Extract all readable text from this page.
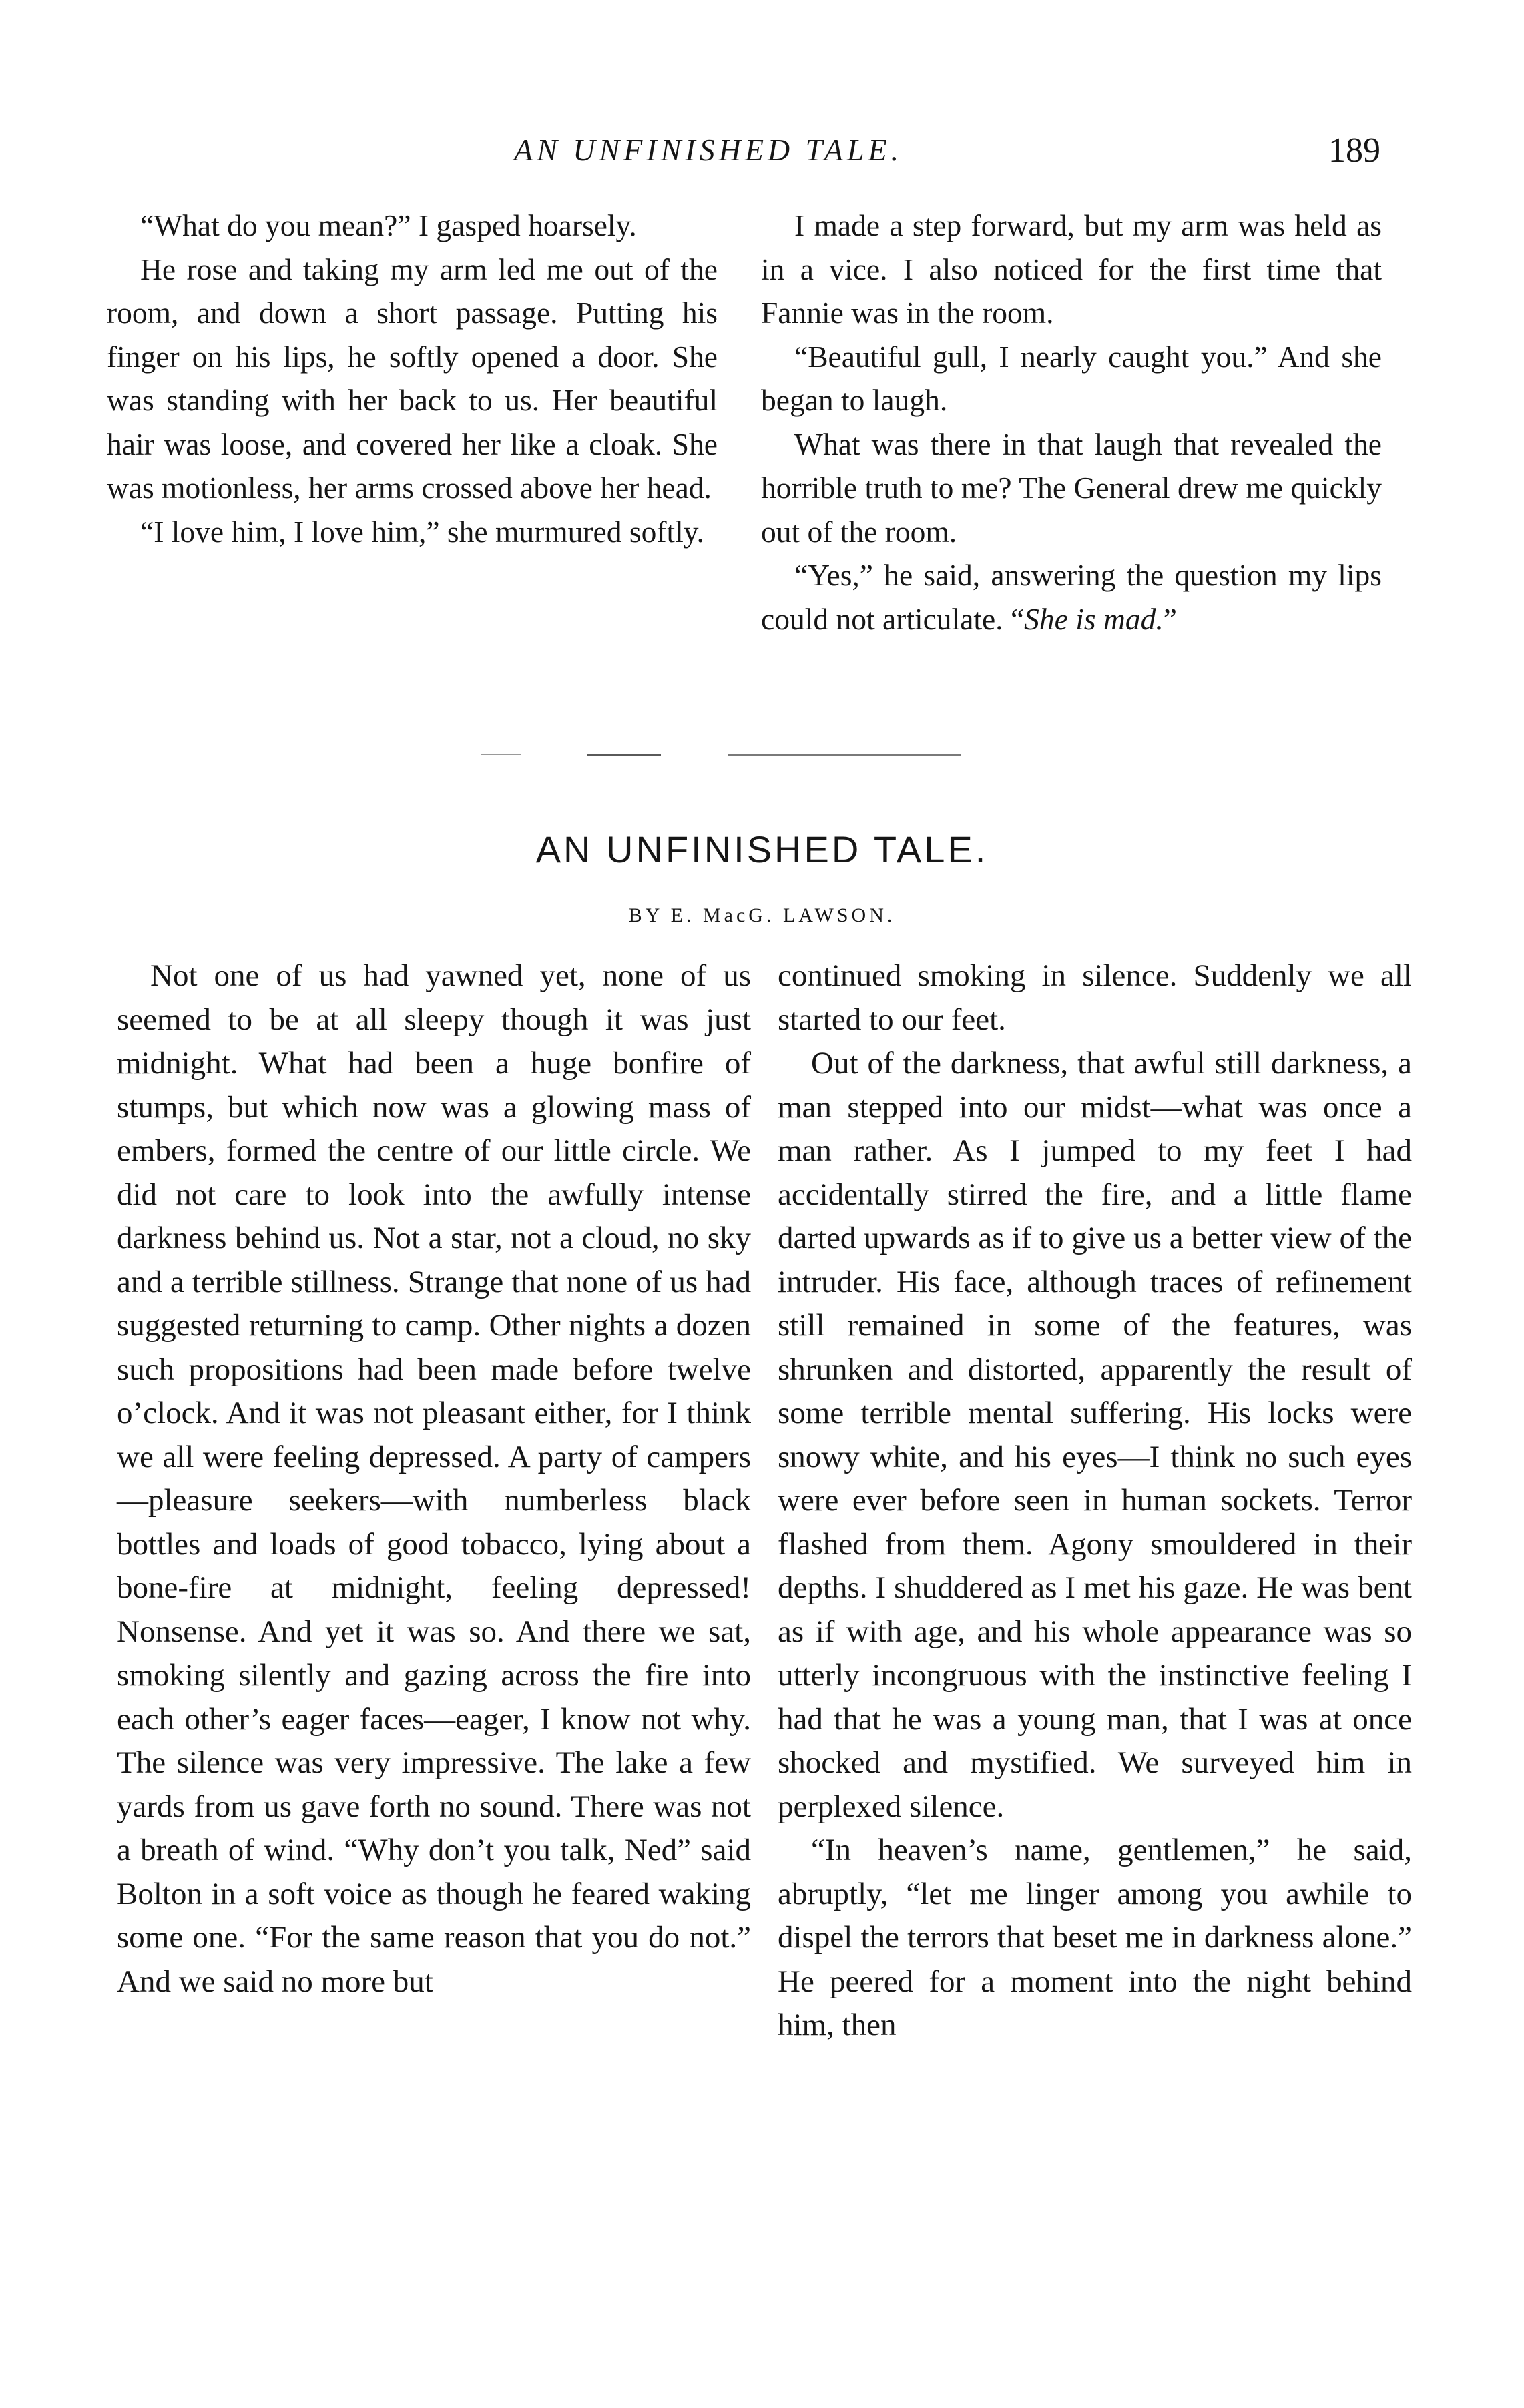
AN UNFINISHED TALE.	189

“What do you mean?” I gasped hoarsely.

He rose and taking my arm led me out of the room, and down a short passage. Putting his finger on his lips, he softly opened a door. She was standing with her back to us. Her beautiful hair was loose, and covered her like a cloak. She was motionless, her arms crossed above her head.

“I love him, I love him,” she murmured softly.

I made a step forward, but my arm was held as in a vice. I also noticed for the first time that Fannie was in the room.

“Beautiful gull, I nearly caught you.” And she began to laugh.

What was there in that laugh that revealed the horrible truth to me? The General drew me quickly out of the room.

“Yes,” he said, answering the question my lips could not articulate. “She is mad.”

AN UNFINISHED TALE.
BY E. MacG. LAWSON.

Not one of us had yawned yet, none of us seemed to be at all sleepy though it was just midnight. What had been a huge bonfire of stumps, but which now was a glowing mass of embers, formed the centre of our little circle. We did not care to look into the awfully intense darkness behind us. Not a star, not a cloud, no sky and a terrible stillness. Strange that none of us had suggested returning to camp. Other nights a dozen such propositions had been made before twelve o’clock. And it was not pleasant either, for I think we all were feeling depressed. A party of campers—pleasure seekers—with numberless black bottles and loads of good tobacco, lying about a bone-fire at midnight, feeling depressed! Nonsense. And yet it was so. And there we sat, smoking silently and gazing across the fire into each other’s eager faces—eager, I know not why. The silence was very impressive. The lake a few yards from us gave forth no sound. There was not a breath of wind. “Why don’t you talk, Ned” said Bolton in a soft voice as though he feared waking some one. “For the same reason that you do not.” And we said no more but

continued smoking in silence. Suddenly we all started to our feet.

Out of the darkness, that awful still darkness, a man stepped into our midst—what was once a man rather. As I jumped to my feet I had accidentally stirred the fire, and a little flame darted upwards as if to give us a better view of the intruder. His face, although traces of refinement still remained in some of the features, was shrunken and distorted, apparently the result of some terrible mental suffering. His locks were snowy white, and his eyes—I think no such eyes were ever before seen in human sockets. Terror flashed from them. Agony smouldered in their depths. I shuddered as I met his gaze. He was bent as if with age, and his whole appearance was so utterly incongruous with the instinctive feeling I had that he was a young man, that I was at once shocked and mystified. We surveyed him in perplexed silence.

“In heaven’s name, gentlemen,” he said, abruptly, “let me linger among you awhile to dispel the terrors that beset me in darkness alone.” He peered for a moment into the night behind him, then
